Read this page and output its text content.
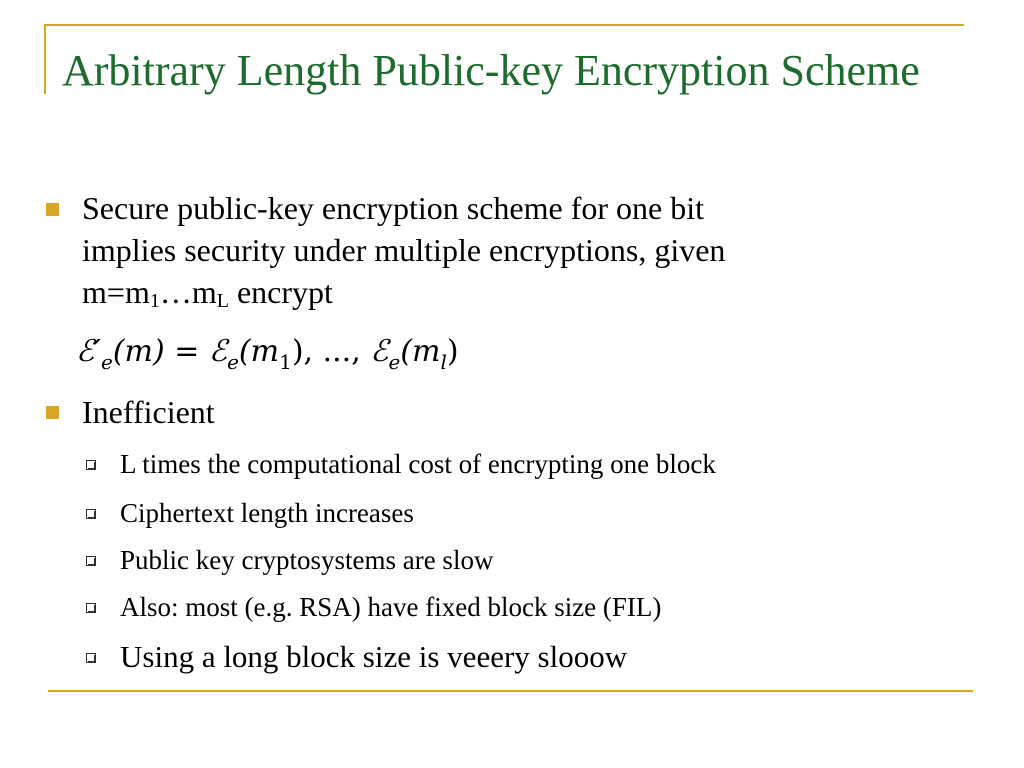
Arbitrary Length Public-key Encryption Scheme
Secure public-key encryption scheme for one bit
implies security under multiple encryptions, given
$m=m_1\dots m_L$ encrypt
$ℰ'_e(m)$ = $ℰ_e(m_1)$, ..., $ℰ_e(m_l)$
Inefficient
L times the computational cost of encrypting one block
Ciphertext length increases
Public key cryptosystems are slow
Also: most (e.g. RSA) have fixed block size (FIL)
Using a long block size is veeery slooow
